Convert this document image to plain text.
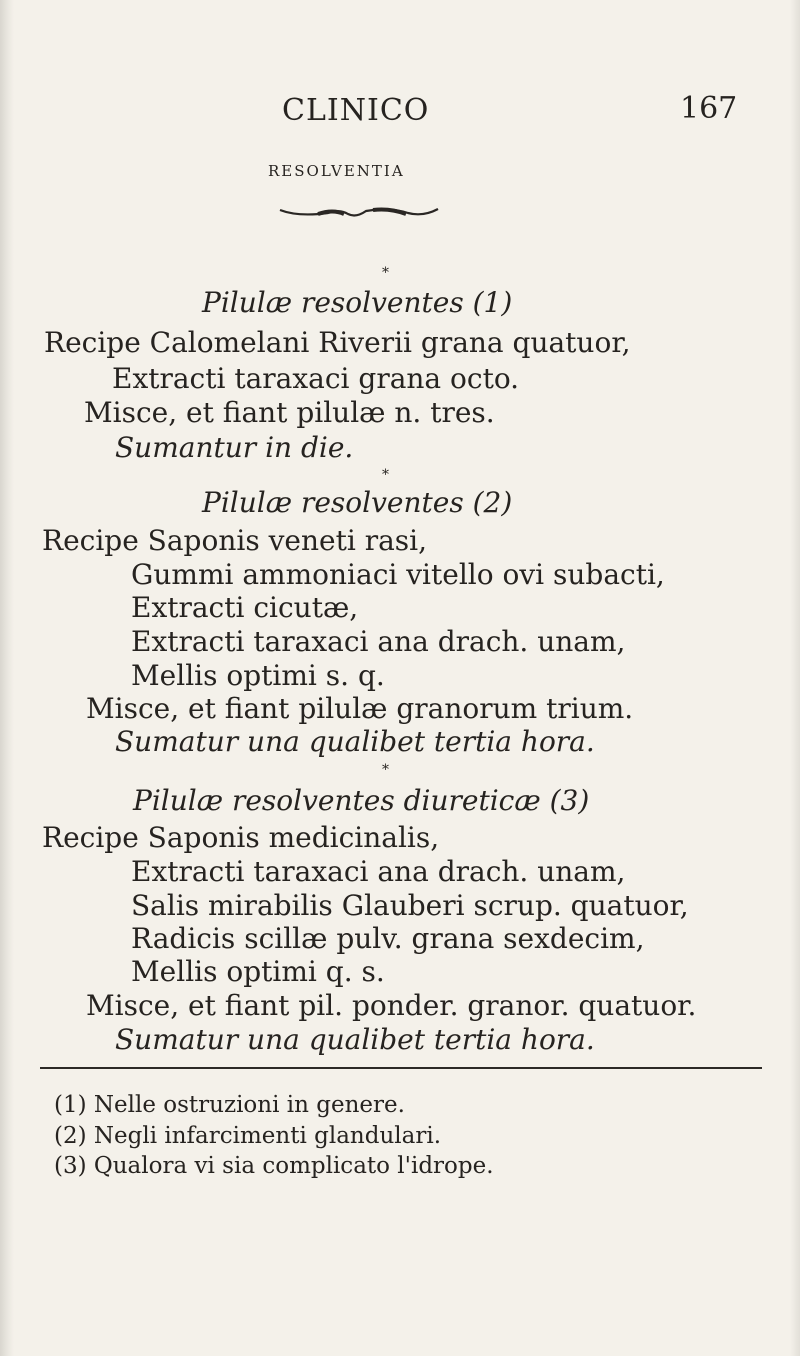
CLINICO	167
RESOLVENTIA
*
Pilulæ resolventes (1)
Recipe Calomelani Riverii grana quatuor,
Extracti taraxaci grana octo.
Misce, et fiant pilulæ n. tres.
Sumantur in die.
*
Pilulæ resolventes (2)
Recipe Saponis veneti rasi,
Gummi ammoniaci vitello ovi subacti,
Extracti cicutæ,
Extracti taraxaci ana drach. unam,
Mellis optimi s. q.
Misce, et fiant pilulæ granorum trium.
Sumatur una qualibet tertia hora.
*
Pilulæ resolventes diureticæ (3)
Recipe Saponis medicinalis,
Extracti taraxaci ana drach. unam,
Salis mirabilis Glauberi scrup. quatuor,
Radicis scillæ pulv. grana sexdecim,
Mellis optimi q. s.
Misce, et fiant pil. ponder. granor. quatuor.
Sumatur una qualibet tertia hora.
(1) Nelle ostruzioni in genere.
(2) Negli infarcimenti glandulari.
(3) Qualora vi sia complicato l'idrope.
